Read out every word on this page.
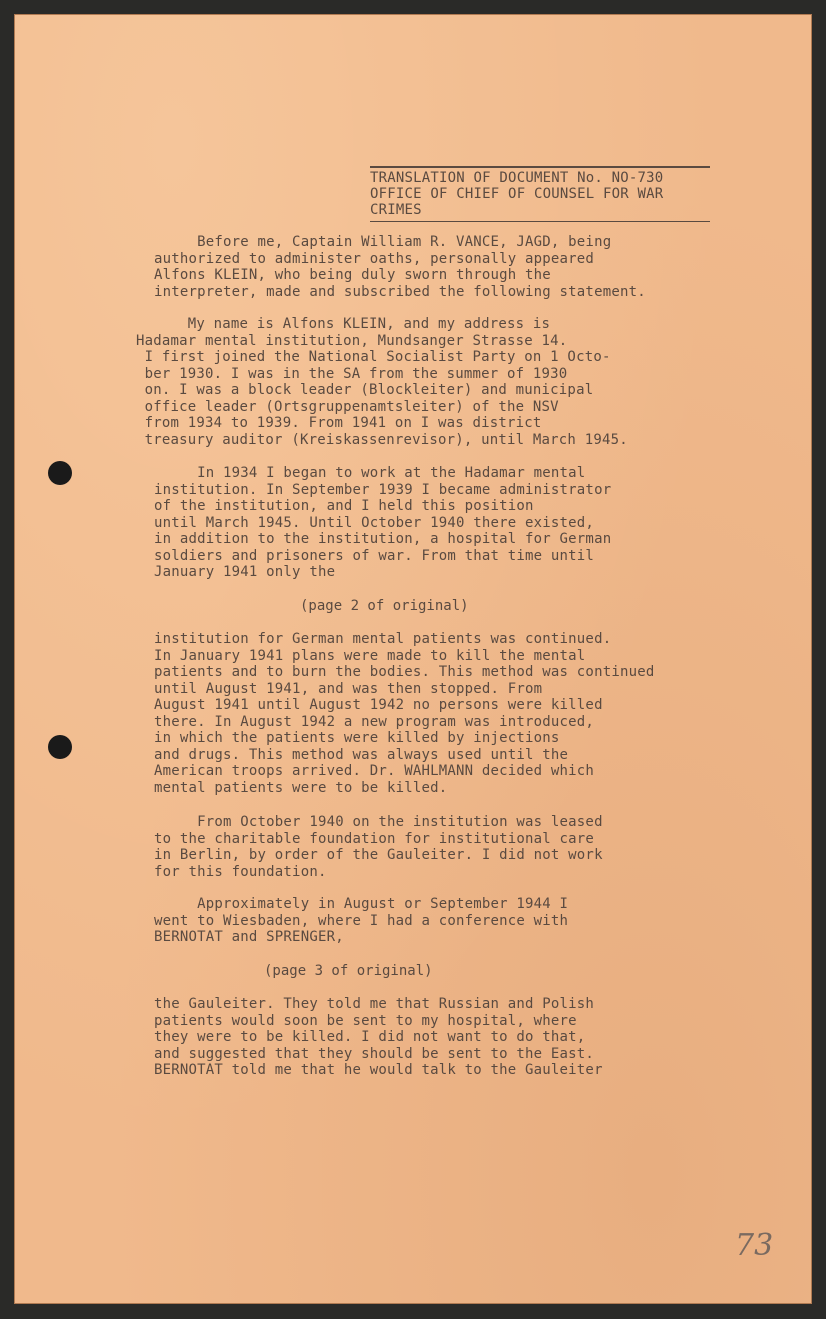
TRANSLATION OF DOCUMENT No. NO-730
OFFICE OF CHIEF OF COUNSEL FOR WAR
CRIMES
Before me, Captain William R. VANCE, JAGD, being
authorized to administer oaths, personally appeared
Alfons KLEIN, who being duly sworn through the
interpreter, made and subscribed the following statement.
My name is Alfons KLEIN, and my address is
Hadamar mental institution, Mundsanger Strasse 14.
I first joined the National Socialist Party on 1 Octo-
ber 1930. I was in the SA from the summer of 1930
on. I was a block leader (Blockleiter) and municipal
office leader (Ortsgruppenamtsleiter) of the NSV
from 1934 to 1939. From 1941 on I was district
treasury auditor (Kreiskassenrevisor), until March 1945.
In 1934 I began to work at the Hadamar mental
institution. In September 1939 I became administrator
of the institution, and I held this position
until March 1945. Until October 1940 there existed,
in addition to the institution, a hospital for German
soldiers and prisoners of war. From that time until
January 1941 only the
(page 2 of original)
institution for German mental patients was continued.
In January 1941 plans were made to kill the mental
patients and to burn the bodies. This method was continued
until August 1941, and was then stopped. From
August 1941 until August 1942 no persons were killed
there. In August 1942 a new program was introduced,
in which the patients were killed by injections
and drugs. This method was always used until the
American troops arrived. Dr. WAHLMANN decided which
mental patients were to be killed.
From October 1940 on the institution was leased
to the charitable foundation for institutional care
in Berlin, by order of the Gauleiter. I did not work
for this foundation.
Approximately in August or September 1944 I
went to Wiesbaden, where I had a conference with
BERNOTAT and SPRENGER,
(page 3 of original)
the Gauleiter. They told me that Russian and Polish
patients would soon be sent to my hospital, where
they were to be killed. I did not want to do that,
and suggested that they should be sent to the East.
BERNOTAT told me that he would talk to the Gauleiter
73
